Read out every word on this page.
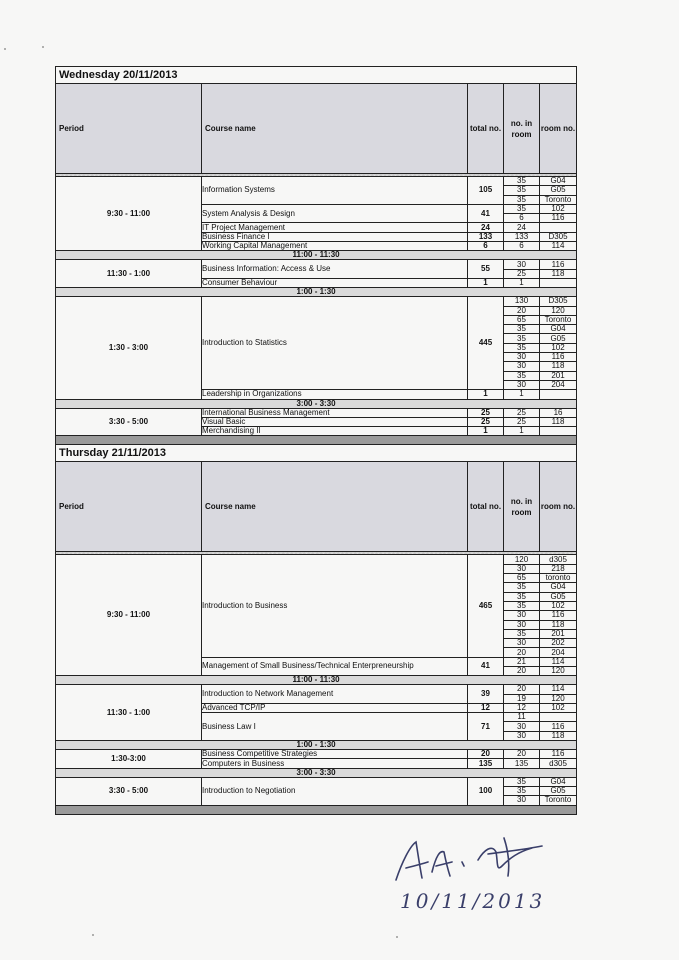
Wednesday 20/11/2013				
Period	Course name	total no.	no. in room	room no.

9:30 - 11:00	Information Systems	105	35	G04
			35	G05
			35	Toronto
	System Analysis & Design	41	35	102
			6	116
	IT Project Management	24	24	
	Business Finance I	133	133	D305
	Working Capital Management	6	6	114
11:00 - 11:30				
11:30 - 1:00	Business Information: Access & Use	55	30	116
			25	118
	Consumer Behaviour	1	1	
1:00 - 1:30				
1:30 - 3:00	Introduction to Statistics	445	130	D305
			20	120
			65	Toronto
			35	G04
			35	G05
			35	102
			30	116
			30	118
			35	201
			30	204
	Leadership in Organizations	1	1	
3:00 - 3:30				
3:30 - 5:00	International Business Management	25	25	16
	Visual Basic	25	25	118
	Merchandising II	1	1	

Thursday 21/11/2013				
Period	Course name	total no.	no. in room	room no.

9:30 - 11:00	Introduction to Business	465	120	d305
			30	218
			65	toronto
			35	G04
			35	G05
			35	102
			30	116
			30	118
			35	201
			30	202
			20	204
	Management of Small Business/Technical Enterpreneurship	41	21	114
			20	120
11:00 - 11:30				
11:30 - 1:00	Introduction to Network Management	39	20	114
			19	120
	Advanced TCP/IP	12	12	102
	Business Law I	71	11	
			30	116
			30	118
1:00 - 1:30				
1:30-3:00	Business Competitive Strategies	20	20	116
	Computers in Business	135	135	d305
3:00 - 3:30				
3:30 - 5:00	Introduction to Negotiation	100	35	G04
			35	G05
			30	Toronto

10/11/2013
